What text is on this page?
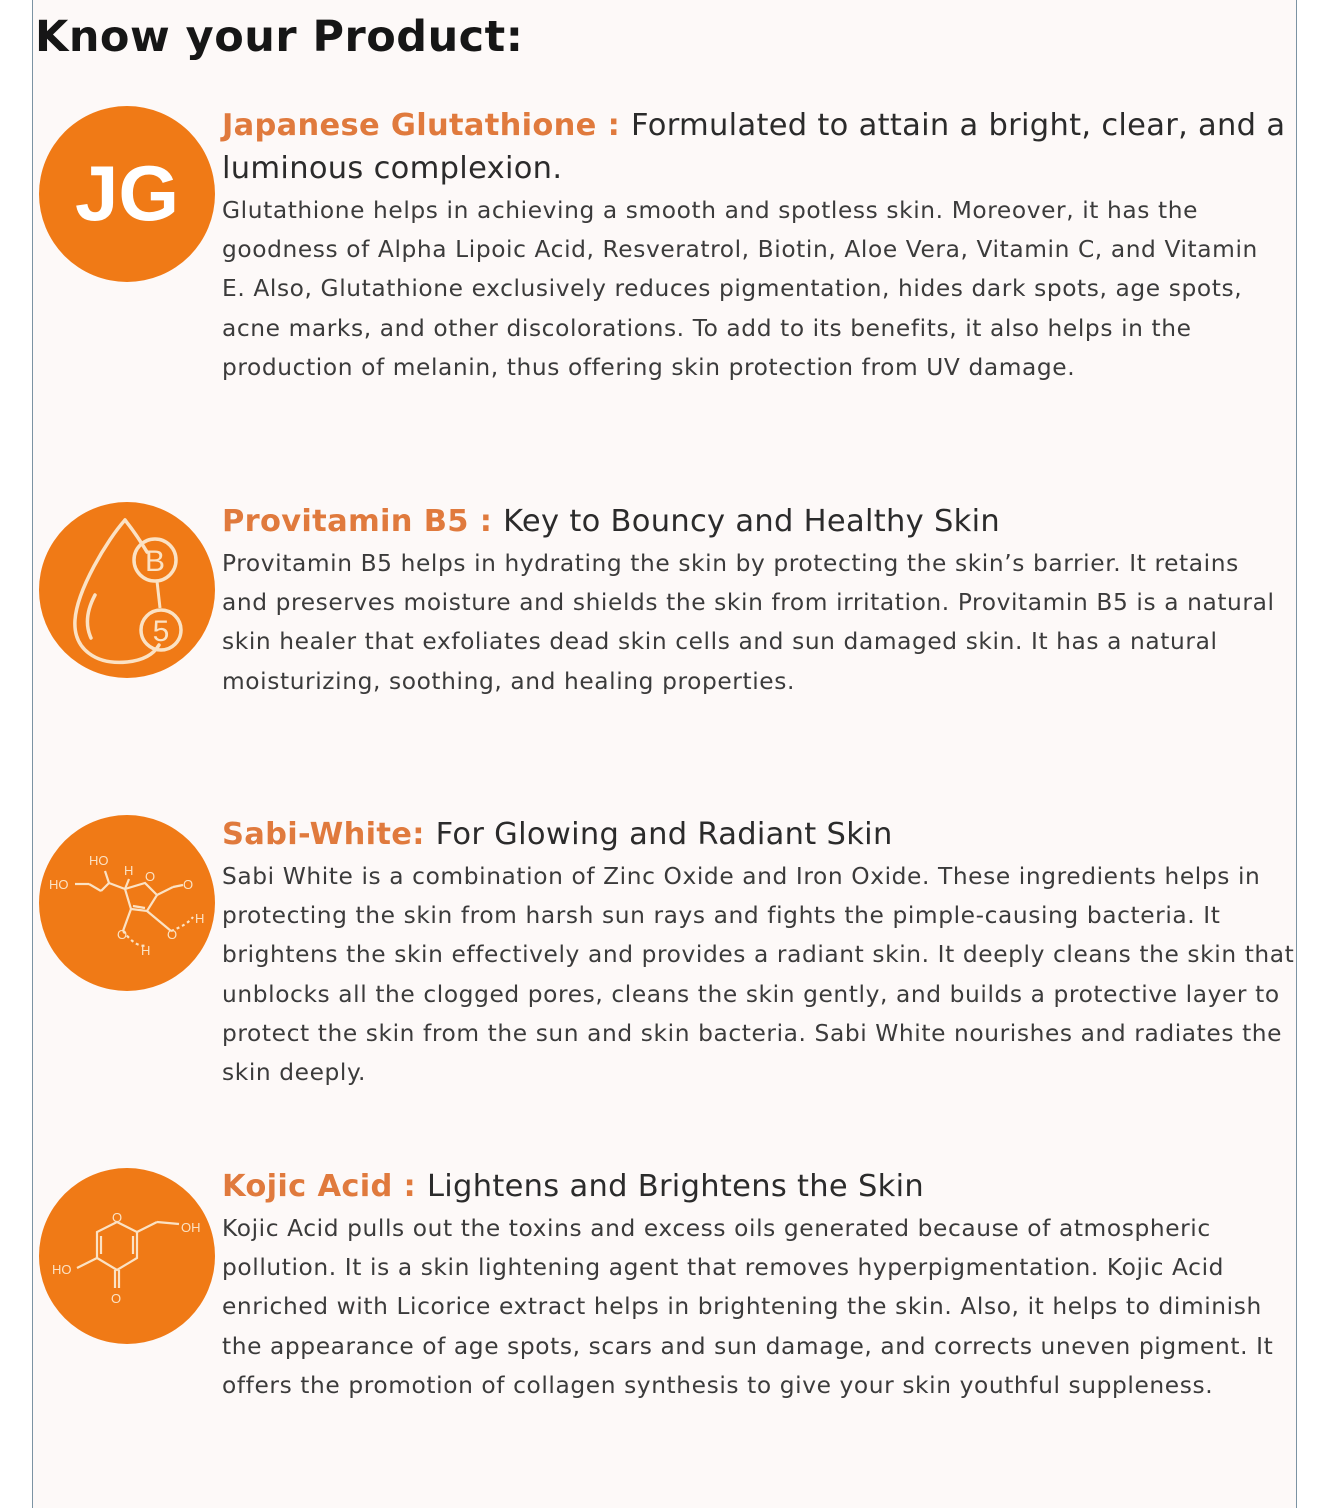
Know your Product:
JG
Japanese Glutathione : Formulated to attain a bright, clear, and a luminous complexion.

Glutathione helps in achieving a smooth and spotless skin. Moreover, it has the goodness of Alpha Lipoic Acid, Resveratrol, Biotin, Aloe Vera, Vitamin C, and Vitamin E. Also, Glutathione exclusively reduces pigmentation, hides dark spots, age spots, acne marks, and other discolorations. To add to its benefits, it also helps in the production of melanin, thus offering skin protection from UV damage.

B
5
Provitamin B5 : Key to Bouncy and Healthy Skin

Provitamin B5 helps in hydrating the skin by protecting the skin’s barrier. It retains and preserves moisture and shields the skin from irritation. Provitamin B5 is a natural skin healer that exfoliates dead skin cells and sun damaged skin. It has a natural moisturizing, soothing, and healing properties.

HO
HO
H O
O
H
O	O
H
Sabi-White: For Glowing and Radiant Skin

Sabi White is a combination of Zinc Oxide and Iron Oxide. These ingredients helps in protecting the skin from harsh sun rays and fights the pimple-causing bacteria. It brightens the skin effectively and provides a radiant skin. It deeply cleans the skin that unblocks all the clogged pores, cleans the skin gently, and builds a protective layer to protect the skin from the sun and skin bacteria. Sabi White nourishes and radiates the skin deeply.

O
OH
HO
O
Kojic Acid : Lightens and Brightens the Skin

Kojic Acid pulls out the toxins and excess oils generated because of atmospheric pollution. It is a skin lightening agent that removes hyperpigmentation. Kojic Acid enriched with Licorice extract helps in brightening the skin. Also, it helps to diminish the appearance of age spots, scars and sun damage, and corrects uneven pigment. It offers the promotion of collagen synthesis to give your skin youthful suppleness.
